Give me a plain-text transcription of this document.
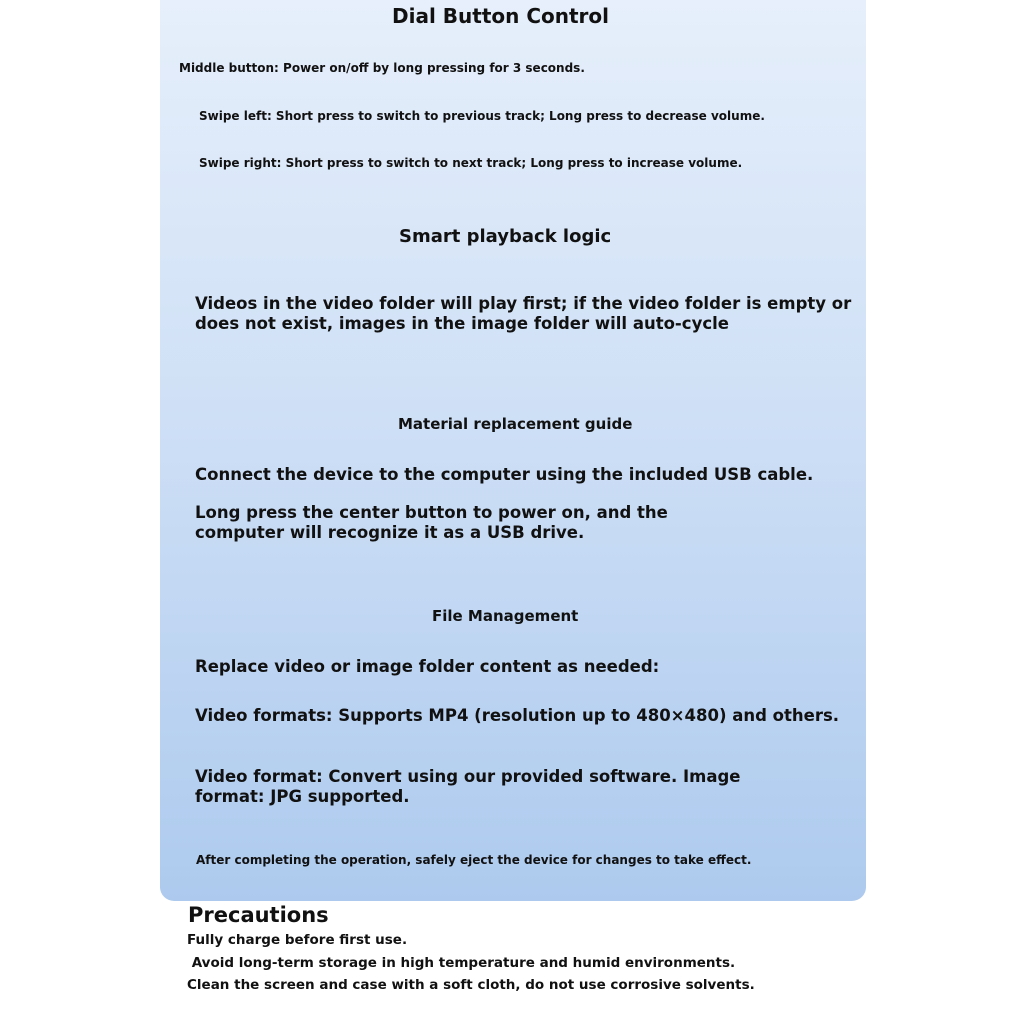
Dial Button Control

Middle button: Power on/off by long pressing for 3 seconds.

Swipe left: Short press to switch to previous track; Long press to decrease volume.

Swipe right: Short press to switch to next track; Long press to increase volume.

Smart playback logic

Videos in the video folder will play first; if the video folder is empty or

does not exist, images in the image folder will auto-cycle

Material replacement guide

Connect the device to the computer using the included USB cable.

Long press the center button to power on, and the

computer will recognize it as a USB drive.

File Management

Replace video or image folder content as needed:

Video formats: Supports MP4 (resolution up to 480×480) and others.

Video format: Convert using our provided software. Image

format: JPG supported.

After completing the operation, safely eject the device for changes to take effect.

Precautions

Fully charge before first use.

Avoid long-term storage in high temperature and humid environments.

Clean the screen and case with a soft cloth, do not use corrosive solvents.
